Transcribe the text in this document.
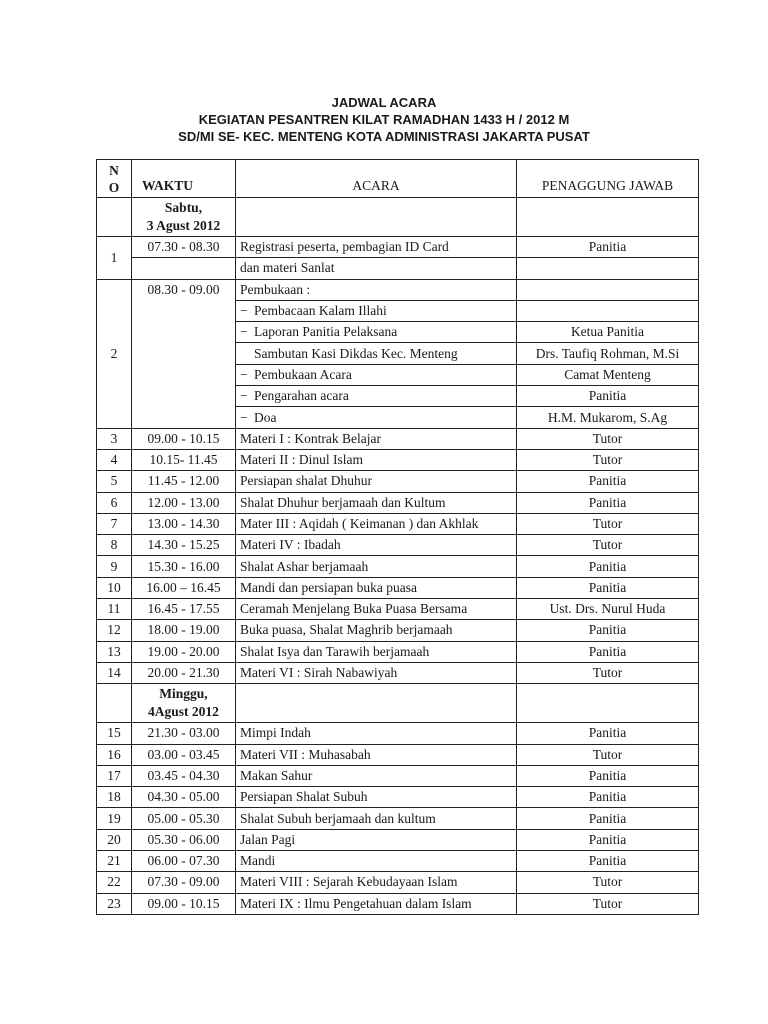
JADWAL ACARA
KEGIATAN PESANTREN KILAT RAMADHAN 1433 H / 2012 M
SD/MI SE- KEC. MENTENG KOTA ADMINISTRASI JAKARTA PUSAT
N
O	WAKTU	ACARA	PENAGGUNG JAWAB

	Sabtu,
3 Agust 2012		

1	07.30 - 08.30	Registrasi peserta, pembagian ID Card	Panitia
		dan materi Sanlat	
2	08.30 - 09.00	Pembukaan :	
		− Pembacaan Kalam Illahi	
		− Laporan Panitia Pelaksana	Ketua Panitia
		Sambutan Kasi Dikdas Kec. Menteng	Drs. Taufiq Rohman, M.Si
		− Pembukaan Acara	Camat Menteng
		− Pengarahan acara	Panitia
		− Doa	H.M. Mukarom, S.Ag
3	09.00 - 10.15	Materi I : Kontrak Belajar	Tutor
4	10.15- 11.45	Materi II : Dinul Islam	Tutor
5	11.45 - 12.00	Persiapan shalat Dhuhur	Panitia
6	12.00 - 13.00	Shalat Dhuhur berjamaah dan Kultum	Panitia
7	13.00 - 14.30	Mater III : Aqidah ( Keimanan ) dan Akhlak	Tutor
8	14.30 - 15.25	Materi IV : Ibadah	Tutor
9	15.30 - 16.00	Shalat Ashar berjamaah	Panitia
10	16.00 – 16.45	Mandi dan persiapan buka puasa	Panitia
11	16.45 - 17.55	Ceramah Menjelang Buka Puasa Bersama	Ust. Drs. Nurul Huda
12	18.00 - 19.00	Buka puasa, Shalat Maghrib berjamaah	Panitia
13	19.00 - 20.00	Shalat Isya dan Tarawih berjamaah	Panitia
14	20.00 - 21.30	Materi VI : Sirah Nabawiyah	Tutor

	Minggu,
4Agust 2012		

15	21.30 - 03.00	Mimpi Indah	Panitia
16	03.00 - 03.45	Materi VII : Muhasabah	Tutor
17	03.45 - 04.30	Makan Sahur	Panitia
18	04.30 - 05.00	Persiapan Shalat Subuh	Panitia
19	05.00 - 05.30	Shalat Subuh berjamaah dan kultum	Panitia
20	05.30 - 06.00	Jalan Pagi	Panitia
21	06.00 - 07.30	Mandi	Panitia
22	07.30 - 09.00	Materi VIII : Sejarah Kebudayaan Islam	Tutor
23	09.00 - 10.15	Materi IX : Ilmu Pengetahuan dalam Islam	Tutor
